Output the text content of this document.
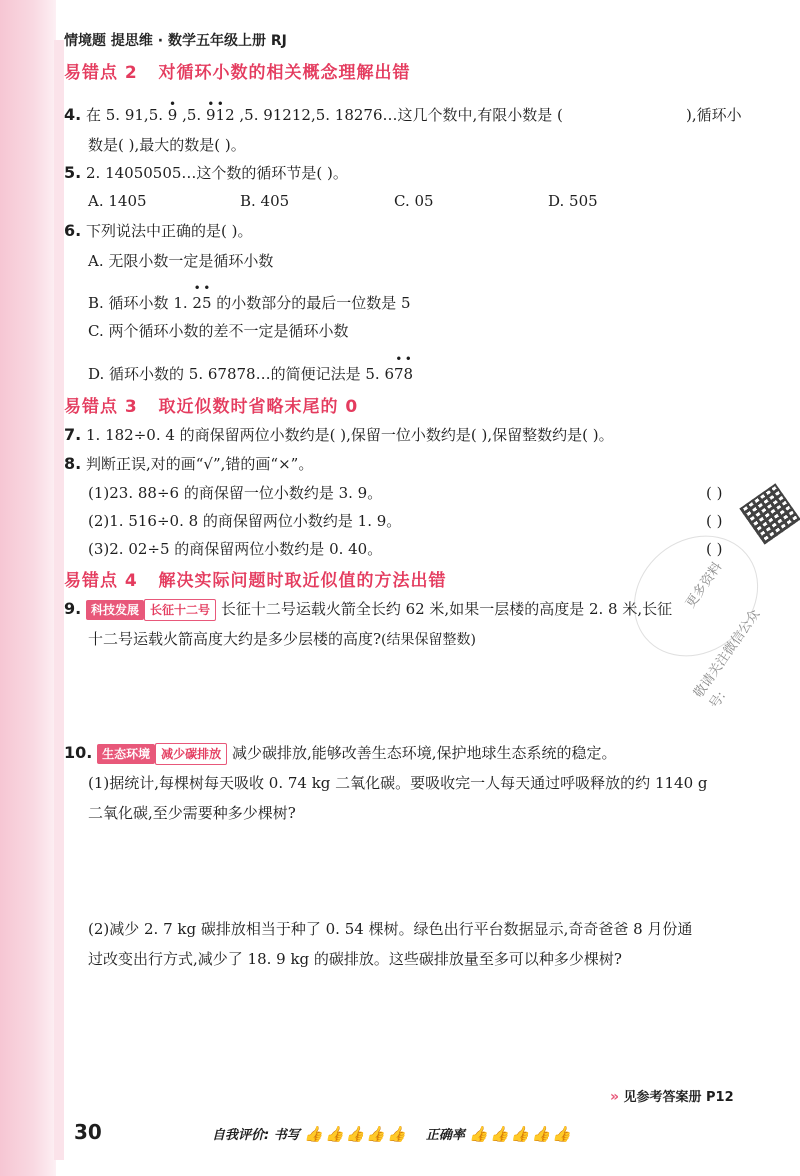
情境题 提思维 · 数学五年级上册 RJ
易错点 2 对循环小数的相关概念理解出错
4. 在 5. 91,5. • 9 ,5. • 9• 12 ,5. 91212,5. 18276…这几个数中,有限小数是 (	),循环小
数是( ),最大的数是( )。
5. 2. 14050505…这个数的循环节是( )。
A. 1405	B. 405	C. 05	D. 505
6. 下列说法中正确的是( )。
A. 无限小数一定是循环小数
B. 循环小数 1. • 2• 5 的小数部分的最后一位数是 5
C. 两个循环小数的差不一定是循环小数
D. 循环小数的 5. 67878…的简便记法是 5. 6• 7• 8
易错点 3 取近似数时省略末尾的 0
7. 1. 182÷0. 4 的商保留两位小数约是( ),保留一位小数约是( ),保留整数约是( )。
8. 判断正误,对的画“√”,错的画“×”。
(1)23. 88÷6 的商保留一位小数约是 3. 9。	( )
(2)1. 516÷0. 8 的商保留两位小数约是 1. 9。	( )
(3)2. 02÷5 的商保留两位小数约是 0. 40。	( )
易错点 4 解决实际问题时取近似值的方法出错
9. 科技发展 长征十二号 长征十二号运载火箭全长约 62 米,如果一层楼的高度是 2. 8 米,长征
十二号运载火箭高度大约是多少层楼的高度?(结果保留整数)
更多资料
敬请关注微信公众号:
10. 生态环境 减少碳排放 减少碳排放,能够改善生态环境,保护地球生态系统的稳定。
(1)据统计,每棵树每天吸收 0. 74 kg 二氧化碳。要吸收完一人每天通过呼吸释放的约 1140 g
二氧化碳,至少需要种多少棵树?
(2)减少 2. 7 kg 碳排放相当于种了 0. 54 棵树。绿色出行平台数据显示,奇奇爸爸 8 月份通
过改变出行方式,减少了 18. 9 kg 的碳排放。这些碳排放量至多可以种多少棵树?
» 见参考答案册 P12
30	自我评价: 书写 👍 👍 👍 👍 👍 正确率 👍 👍 👍 👍 👍
